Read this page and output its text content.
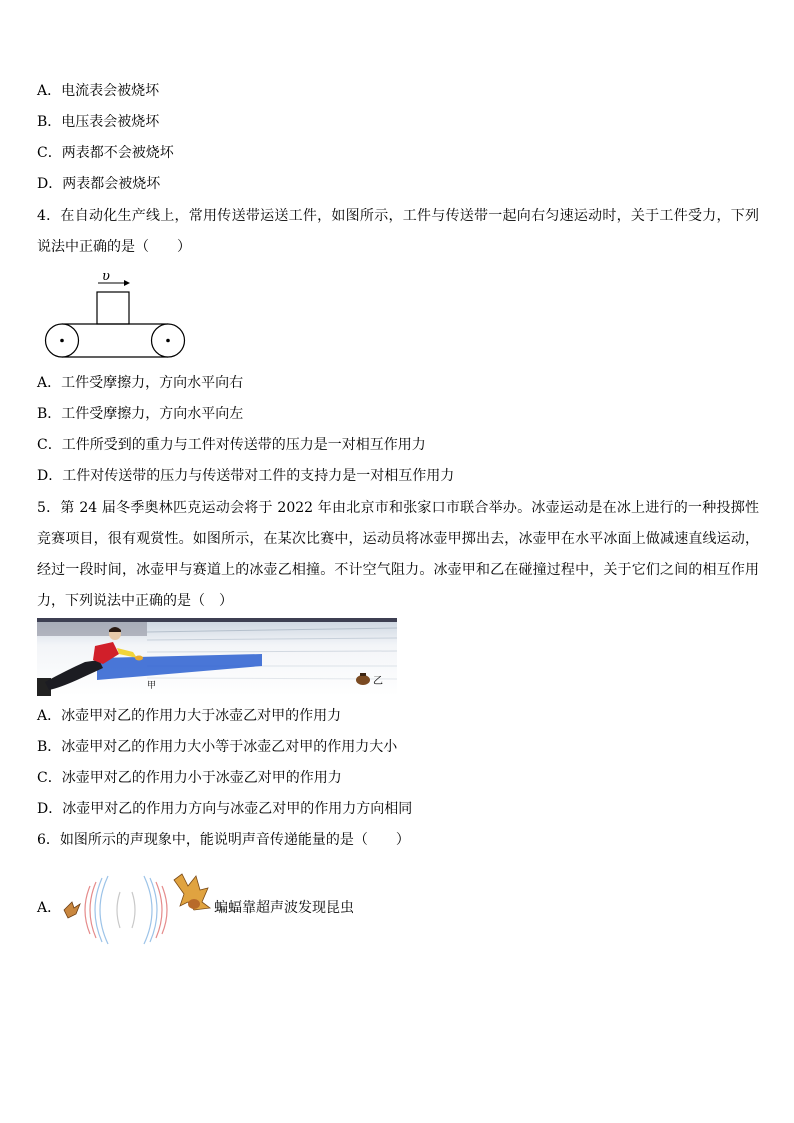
A．电流表会被烧坏
B．电压表会被烧坏
C．两表都不会被烧坏
D．两表都会被烧坏
4．在自动化生产线上，常用传送带运送工件，如图所示，工件与传送带一起向右匀速运动时，关于工件受力，下列说法中正确的是（　　）
υ
A．工件受摩擦力，方向水平向右
B．工件受摩擦力，方向水平向左
C．工件所受到的重力与工件对传送带的压力是一对相互作用力
D．工件对传送带的压力与传送带对工件的支持力是一对相互作用力
5．第 24 届冬季奥林匹克运动会将于 2022 年由北京市和张家口市联合举办。冰壶运动是在冰上进行的一种投掷性竞赛项目，很有观赏性。如图所示，在某次比赛中，运动员将冰壶甲掷出去，冰壶甲在水平冰面上做减速直线运动，经过一段时间，冰壶甲与赛道上的冰壶乙相撞。不计空气阻力。冰壶甲和乙在碰撞过程中，关于它们之间的相互作用力，下列说法中正确的是（　）
甲	乙
A．冰壶甲对乙的作用力大于冰壶乙对甲的作用力
B．冰壶甲对乙的作用力大小等于冰壶乙对甲的作用力大小
C．冰壶甲对乙的作用力小于冰壶乙对甲的作用力
D．冰壶甲对乙的作用力方向与冰壶乙对甲的作用力方向相同
6．如图所示的声现象中，能说明声音传递能量的是（　　）
A．	蝙蝠靠超声波发现昆虫
